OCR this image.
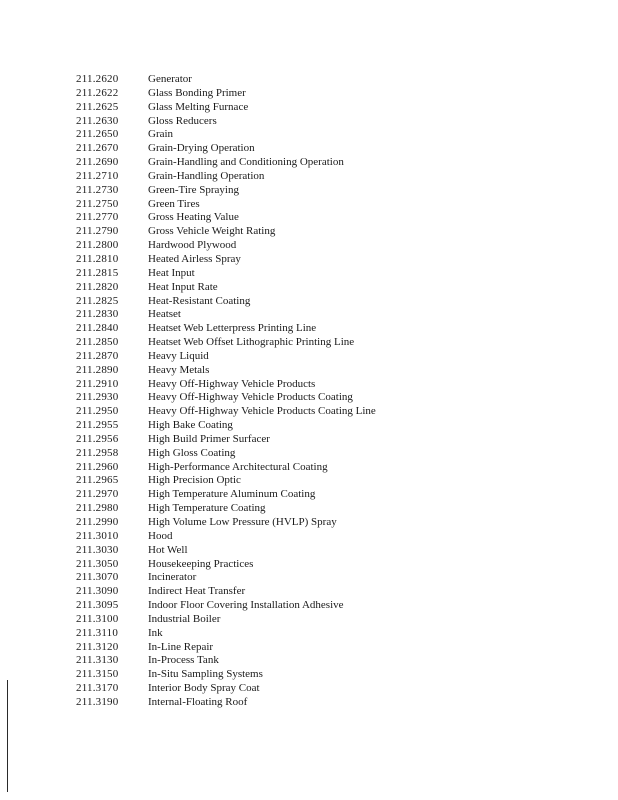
211.2620	Generator
211.2622	Glass Bonding Primer
211.2625	Glass Melting Furnace
211.2630	Gloss Reducers
211.2650	Grain
211.2670	Grain-Drying Operation
211.2690	Grain-Handling and Conditioning Operation
211.2710	Grain-Handling Operation
211.2730	Green-Tire Spraying
211.2750	Green Tires
211.2770	Gross Heating Value
211.2790	Gross Vehicle Weight Rating
211.2800	Hardwood Plywood
211.2810	Heated Airless Spray
211.2815	Heat Input
211.2820	Heat Input Rate
211.2825	Heat-Resistant Coating
211.2830	Heatset
211.2840	Heatset Web Letterpress Printing Line
211.2850	Heatset Web Offset Lithographic Printing Line
211.2870	Heavy Liquid
211.2890	Heavy Metals
211.2910	Heavy Off-Highway Vehicle Products
211.2930	Heavy Off-Highway Vehicle Products Coating
211.2950	Heavy Off-Highway Vehicle Products Coating Line
211.2955	High Bake Coating
211.2956	High Build Primer Surfacer
211.2958	High Gloss Coating
211.2960	High-Performance Architectural Coating
211.2965	High Precision Optic
211.2970	High Temperature Aluminum Coating
211.2980	High Temperature Coating
211.2990	High Volume Low Pressure (HVLP) Spray
211.3010	Hood
211.3030	Hot Well
211.3050	Housekeeping Practices
211.3070	Incinerator
211.3090	Indirect Heat Transfer
211.3095	Indoor Floor Covering Installation Adhesive
211.3100	Industrial Boiler
211.3110	Ink
211.3120	In-Line Repair
211.3130	In-Process Tank
211.3150	In-Situ Sampling Systems
211.3170	Interior Body Spray Coat
211.3190	Internal-Floating Roof
